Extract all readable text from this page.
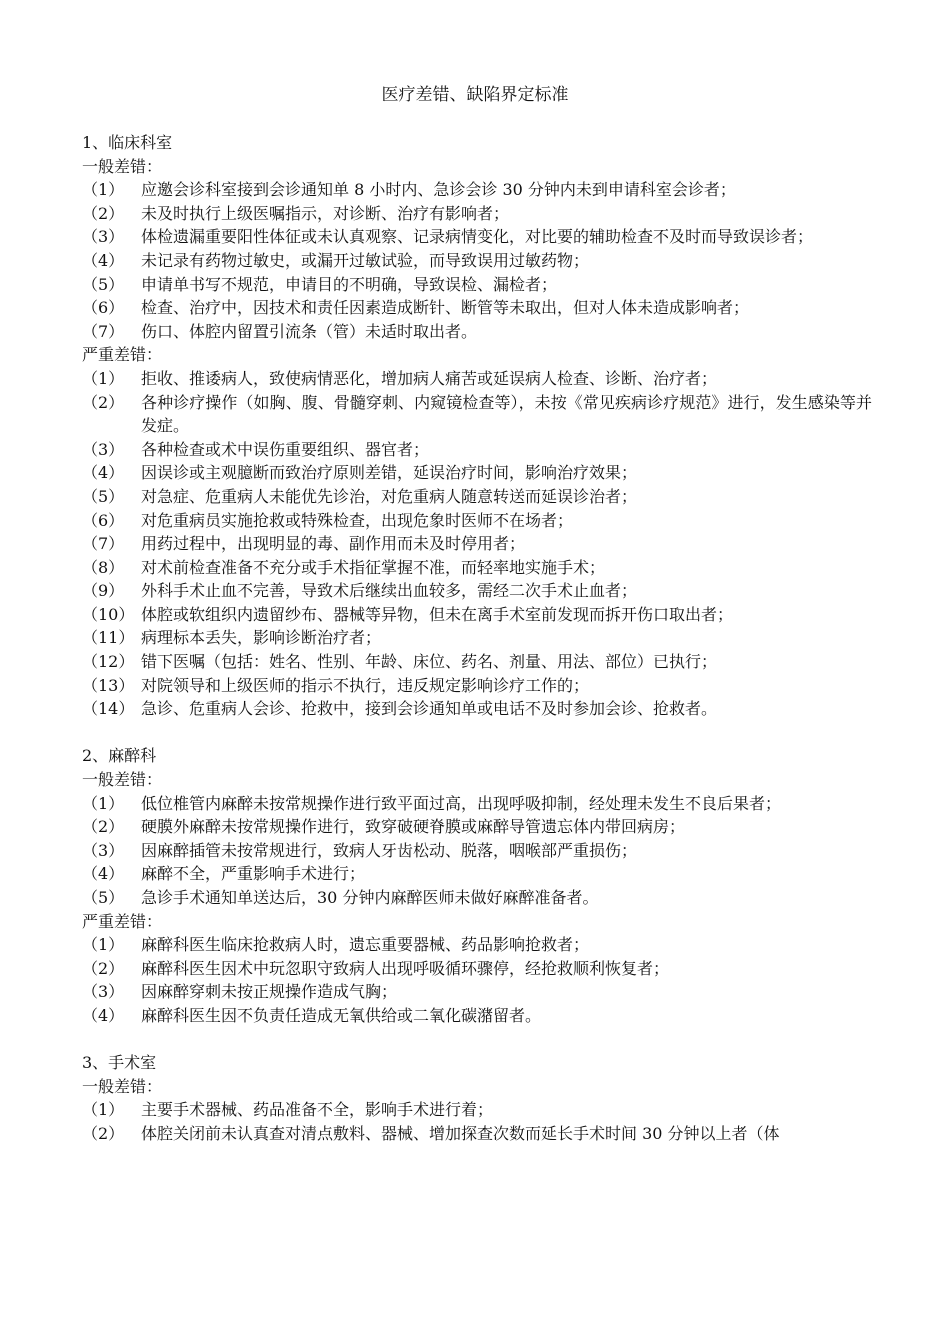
医疗差错、缺陷界定标准
1、临床科室
一般差错：
（1） 应邀会诊科室接到会诊通知单 8 小时内、急诊会诊 30 分钟内未到申请科室会诊者；
（2） 未及时执行上级医嘱指示，对诊断、治疗有影响者；
（3） 体检遗漏重要阳性体征或未认真观察、记录病情变化，对比要的辅助检查不及时而导致误诊者；
（4） 未记录有药物过敏史，或漏开过敏试验，而导致误用过敏药物；
（5） 申请单书写不规范，申请目的不明确，导致误检、漏检者；
（6） 检查、治疗中，因技术和责任因素造成断针、断管等未取出，但对人体未造成影响者；
（7） 伤口、体腔内留置引流条（管）未适时取出者。
严重差错：
（1） 拒收、推诿病人，致使病情恶化，增加病人痛苦或延误病人检查、诊断、治疗者；
（2） 各种诊疗操作（如胸、腹、骨髓穿刺、内窥镜检查等），未按《常见疾病诊疗规范》进行，发生感染等并发症。
（3） 各种检查或术中误伤重要组织、器官者；
（4） 因误诊或主观臆断而致治疗原则差错，延误治疗时间，影响治疗效果；
（5） 对急症、危重病人未能优先诊治，对危重病人随意转送而延误诊治者；
（6） 对危重病员实施抢救或特殊检查，出现危象时医师不在场者；
（7） 用药过程中，出现明显的毒、副作用而未及时停用者；
（8） 对术前检查准备不充分或手术指征掌握不准，而轻率地实施手术；
（9） 外科手术止血不完善，导致术后继续出血较多，需经二次手术止血者；
（10） 体腔或软组织内遗留纱布、器械等异物，但未在离手术室前发现而拆开伤口取出者；
（11） 病理标本丢失，影响诊断治疗者；
（12） 错下医嘱（包括：姓名、性别、年龄、床位、药名、剂量、用法、部位）已执行；
（13） 对院领导和上级医师的指示不执行，违反规定影响诊疗工作的；
（14） 急诊、危重病人会诊、抢救中，接到会诊通知单或电话不及时参加会诊、抢救者。
2、麻醉科
一般差错：
（1） 低位椎管内麻醉未按常规操作进行致平面过高，出现呼吸抑制，经处理未发生不良后果者；
（2） 硬膜外麻醉未按常规操作进行，致穿破硬脊膜或麻醉导管遗忘体内带回病房；
（3） 因麻醉插管未按常规进行，致病人牙齿松动、脱落，咽喉部严重损伤；
（4） 麻醉不全，严重影响手术进行；
（5） 急诊手术通知单送达后，30 分钟内麻醉医师未做好麻醉准备者。
严重差错：
（1） 麻醉科医生临床抢救病人时，遗忘重要器械、药品影响抢救者；
（2） 麻醉科医生因术中玩忽职守致病人出现呼吸循环骤停，经抢救顺利恢复者；
（3） 因麻醉穿刺未按正规操作造成气胸；
（4） 麻醉科医生因不负责任造成无氧供给或二氧化碳潴留者。
3、手术室
一般差错：
（1） 主要手术器械、药品准备不全，影响手术进行着；
（2） 体腔关闭前未认真查对清点敷料、器械、增加探查次数而延长手术时间 30 分钟以上者（体
